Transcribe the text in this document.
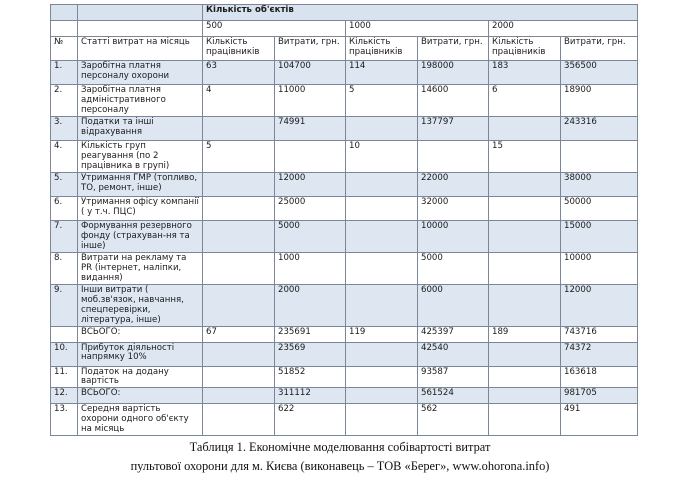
		Кількість об'єктів					
		500		1000		2000	
№	Статті витрат на місяць	Кількість працівників	Витрати, грн.	Кількість працівників	Витрати, грн.	Кількість працівників	Витрати, грн.
1.	Заробітна платня персоналу охорони	63	104700	114	198000	183	356500
2.	Заробітна платня адміністративного персоналу	4	11000	5	14600	6	18900
3.	Податки та інші відрахування		74991		137797		243316
4.	Кількість груп реагування (по 2 працівника в групі)	5		10		15	
5.	Утримання ГМР (топливо, ТО, ремонт, інше)		12000		22000		38000
6.	Утримання офісу компанії ( у т.ч. ПЦС)		25000		32000		50000
7.	Формування резервного фонду (страхуван-ня та інше)		5000		10000		15000
8.	Витрати на рекламу та PR (інтернет, наліпки, видання)		1000		5000		10000
9.	Інши витрати ( моб.зв'язок, навчання, спецперевірки, література, інше)		2000		6000		12000
	ВСЬОГО:	67	235691	119	425397	189	743716
10.	Прибуток діяльності напрямку 10%		23569		42540		74372
11.	Податок на додану вартість		51852		93587		163618
12.	ВСЬОГО:		311112		561524		981705
13.	Середня вартість охорони одного об'єкту на місяць		622		562		491
Таблиця 1. Економічне моделювання собівартості витрат
пультової охорони для м. Києва (виконавець – ТОВ «Берег», www.ohorona.info)
